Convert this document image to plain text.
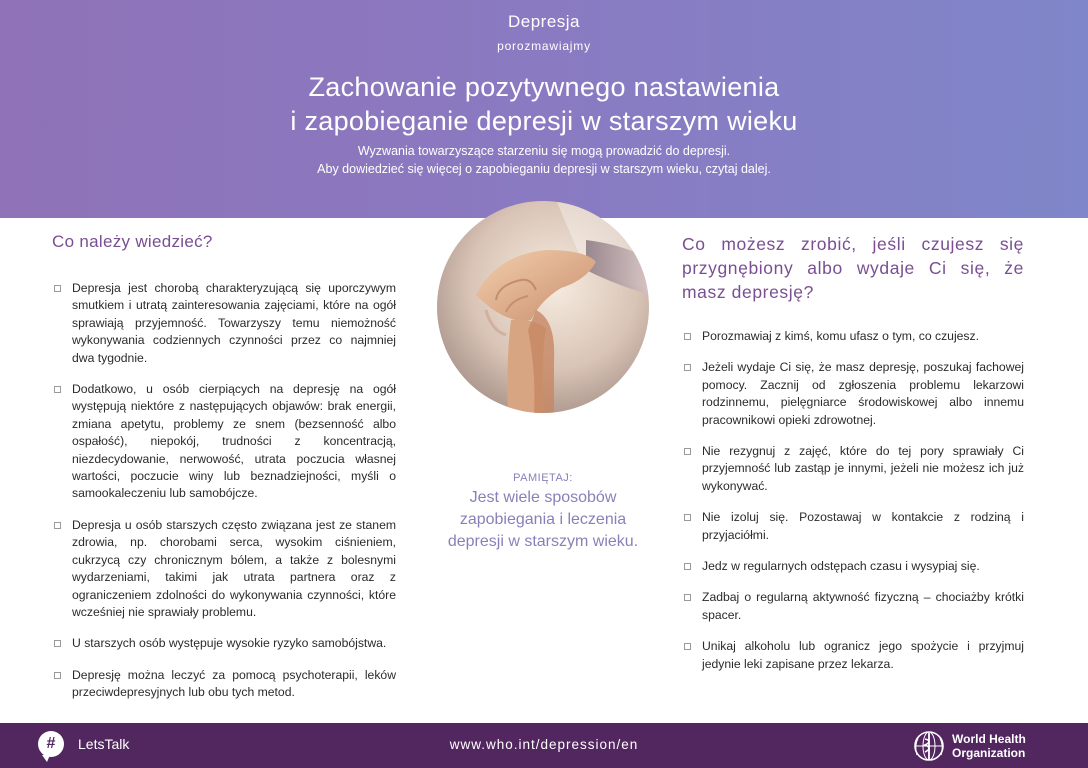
Depresja
porozmawiajmy
Zachowanie pozytywnego nastawienia
i zapobieganie depresji w starszym wieku
Wyzwania towarzyszące starzeniu się mogą prowadzić do depresji.
Aby dowiedzieć się więcej o zapobieganiu depresji w starszym wieku, czytaj dalej.
Co należy wiedzieć?
Depresja jest chorobą charakteryzującą się uporczywym smutkiem i utratą zainteresowania zajęciami, które na ogół sprawiają przyjemność. Towarzyszy temu niemożność wykonywania codziennych czynności przez co najmniej dwa tygodnie.
Dodatkowo, u osób cierpiących na depresję na ogół występują niektóre z następujących objawów: brak energii, zmiana apetytu, problemy ze snem (bezsenność albo ospałość), niepokój, trudności z koncentracją, niezdecydowanie, nerwowość, utrata poczucia własnej wartości, poczucie winy lub beznadziejności, myśli o samookaleczeniu lub samobójcze.
Depresja u osób starszych często związana jest ze stanem zdrowia, np. chorobami serca, wysokim ciśnieniem, cukrzycą czy chronicznym bólem, a także z bolesnymi wydarzeniami, takimi jak utrata partnera oraz z ograniczeniem zdolności do wykonywania czynności, które wcześniej nie sprawiały problemu.
U starszych osób występuje wysokie ryzyko samobójstwa.
Depresję można leczyć za pomocą psychoterapii, leków przeciwdepresyjnych lub obu tych metod.
PAMIĘTAJ:
Jest wiele sposobów zapobiegania i leczenia depresji w starszym wieku.
Co możesz zrobić, jeśli czujesz się przygnębiony albo wydaje Ci się, że masz depresję?
Porozmawiaj z kimś, komu ufasz o tym, co czujesz.
Jeżeli wydaje Ci się, że masz depresję, poszukaj fachowej pomocy. Zacznij od zgłoszenia problemu lekarzowi rodzinnemu, pielęgniarce środowiskowej albo innemu pracownikowi opieki zdrowotnej.
Nie rezygnuj z zajęć, które do tej pory sprawiały Ci przyjemność lub zastąp je innymi, jeżeli nie możesz ich już wykonywać.
Nie izoluj się. Pozostawaj w kontakcie z rodziną i przyjaciółmi.
Jedz w regularnych odstępach czasu i wysypiaj się.
Zadbaj o regularną aktywność fizyczną – chociażby krótki spacer.
Unikaj alkoholu lub ogranicz jego spożycie i przyjmuj jedynie leki zapisane przez lekarza.
#	LetsTalk	www.who.int/depression/en	World Health
Organization
